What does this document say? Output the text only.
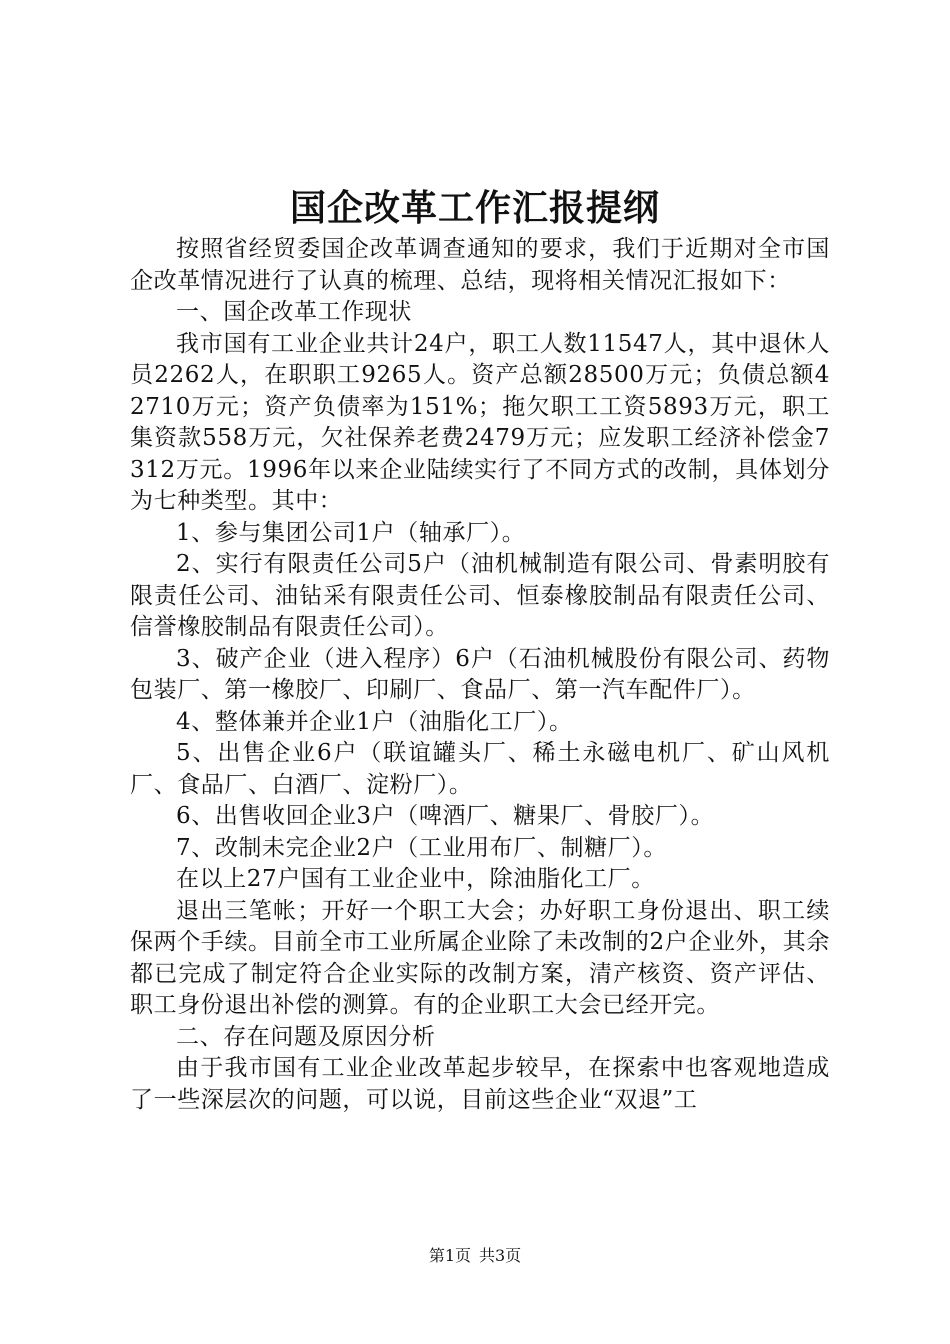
国企改革工作汇报提纲

按照省经贸委国企改革调查通知的要求，我们于近期对全市国企改革情况进行了认真的梳理、总结，现将相关情况汇报如下：

一、国企改革工作现状

我市国有工业企业共计24户，职工人数11547人，其中退休人员2262人，在职职工9265人。资产总额28500万元；负债总额42710万元；资产负债率为151%；拖欠职工工资5893万元，职工集资款558万元，欠社保养老费2479万元；应发职工经济补偿金7312万元。1996年以来企业陆续实行了不同方式的改制，具体划分为七种类型。其中：

1、参与集团公司1户（轴承厂）。

2、实行有限责任公司5户（油机械制造有限公司、骨素明胶有限责任公司、油钻采有限责任公司、恒泰橡胶制品有限责任公司、信誉橡胶制品有限责任公司）。

3、破产企业（进入程序）6户（石油机械股份有限公司、药物包装厂、第一橡胶厂、印刷厂、食品厂、第一汽车配件厂）。

4、整体兼并企业1户（油脂化工厂）。

5、出售企业6户（联谊罐头厂、稀土永磁电机厂、矿山风机厂、食品厂、白酒厂、淀粉厂）。

6、出售收回企业3户（啤酒厂、糖果厂、骨胶厂）。

7、改制未完企业2户（工业用布厂、制糖厂）。

在以上27户国有工业企业中，除油脂化工厂。

退出三笔帐；开好一个职工大会；办好职工身份退出、职工续保两个手续。目前全市工业所属企业除了未改制的2户企业外，其余都已完成了制定符合企业实际的改制方案，清产核资、资产评估、职工身份退出补偿的测算。有的企业职工大会已经开完。

二、存在问题及原因分析

由于我市国有工业企业改革起步较早，在探索中也客观地造成了一些深层次的问题，可以说，目前这些企业“双退”工

第1页 共3页
